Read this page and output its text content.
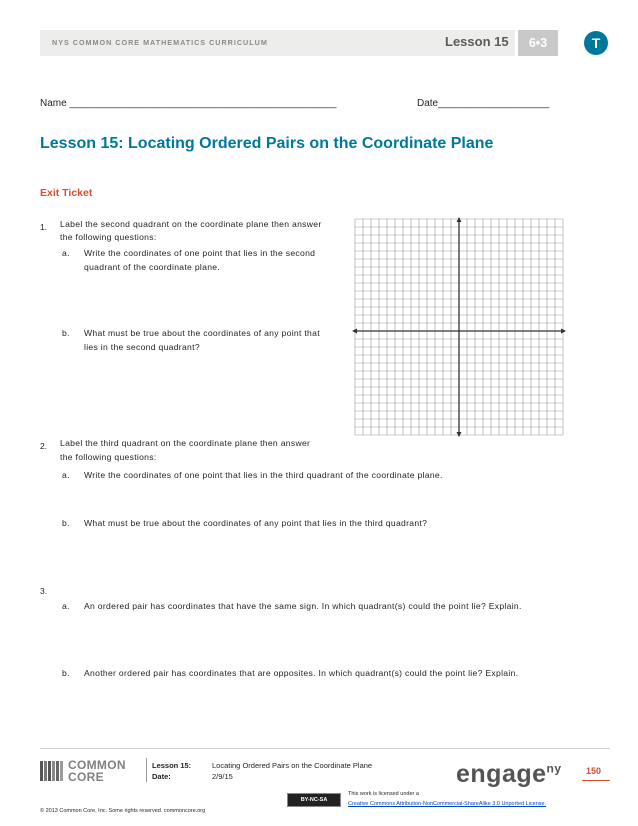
NYS COMMON CORE MATHEMATICS CURRICULUM	Lesson 15	6•3	T
Name ________________________________________________	Date____________________
Lesson 15: Locating Ordered Pairs on the Coordinate Plane
Exit Ticket
1. Label the second quadrant on the coordinate plane then answer
the following questions:
a. Write the coordinates of one point that lies in the second
quadrant of the coordinate plane.
b. What must be true about the coordinates of any point that
lies in the second quadrant?
2. Label the third quadrant on the coordinate plane then answer
the following questions:
a. Write the coordinates of one point that lies in the third quadrant of the coordinate plane.
b. What must be true about the coordinates of any point that lies in the third quadrant?
3.
a. An ordered pair has coordinates that have the same sign. In which quadrant(s) could the point lie? Explain.
b. Another ordered pair has coordinates that are opposites. In which quadrant(s) could the point lie? Explain.
COMMON
CORE
Lesson 15:	Locating Ordered Pairs on the Coordinate Plane
Date:	2/9/15	engage$^{ny}$	150
© 2013 Common Core, Inc. Some rights reserved. commoncore.org
BY-NC-SA
This work is licensed under a
Creative Commons Attribution-NonCommercial-ShareAlike 3.0 Unported License.
